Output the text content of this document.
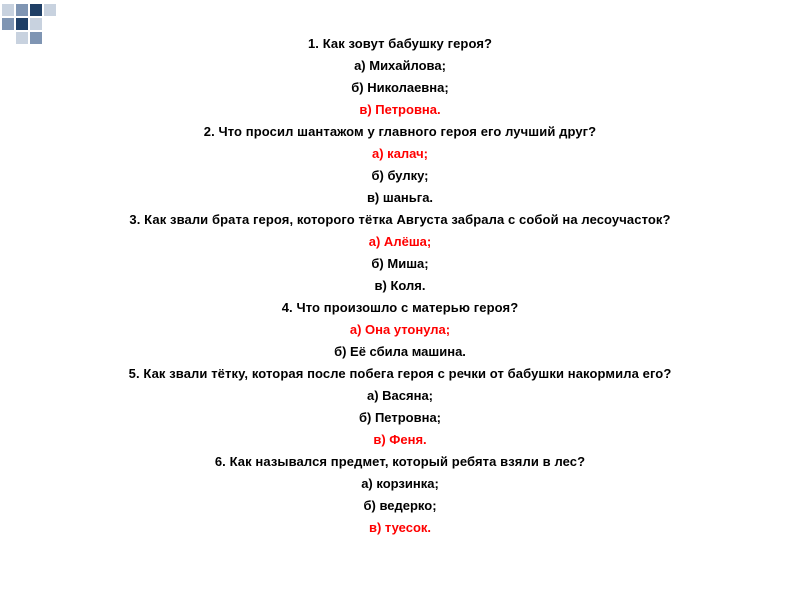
1. Как зовут бабушку героя?
а) Михайлова;
б) Николаевна;
в) Петровна.
2. Что просил шантажом у главного героя его лучший друг?
а) калач;
б) булку;
в) шаньга.
3. Как звали брата героя, которого тётка Августа забрала с собой на лесоучасток?
а) Алёша;
б) Миша;
в) Коля.
4. Что произошло с матерью героя?
а) Она утонула;
б) Её сбила машина.
5. Как звали тётку, которая после побега героя с речки от бабушки накормила его?
а) Васяна;
б) Петровна;
в) Феня.
6. Как назывался предмет, который ребята взяли в лес?
а) корзинка;
б) ведерко;
в) туесок.
